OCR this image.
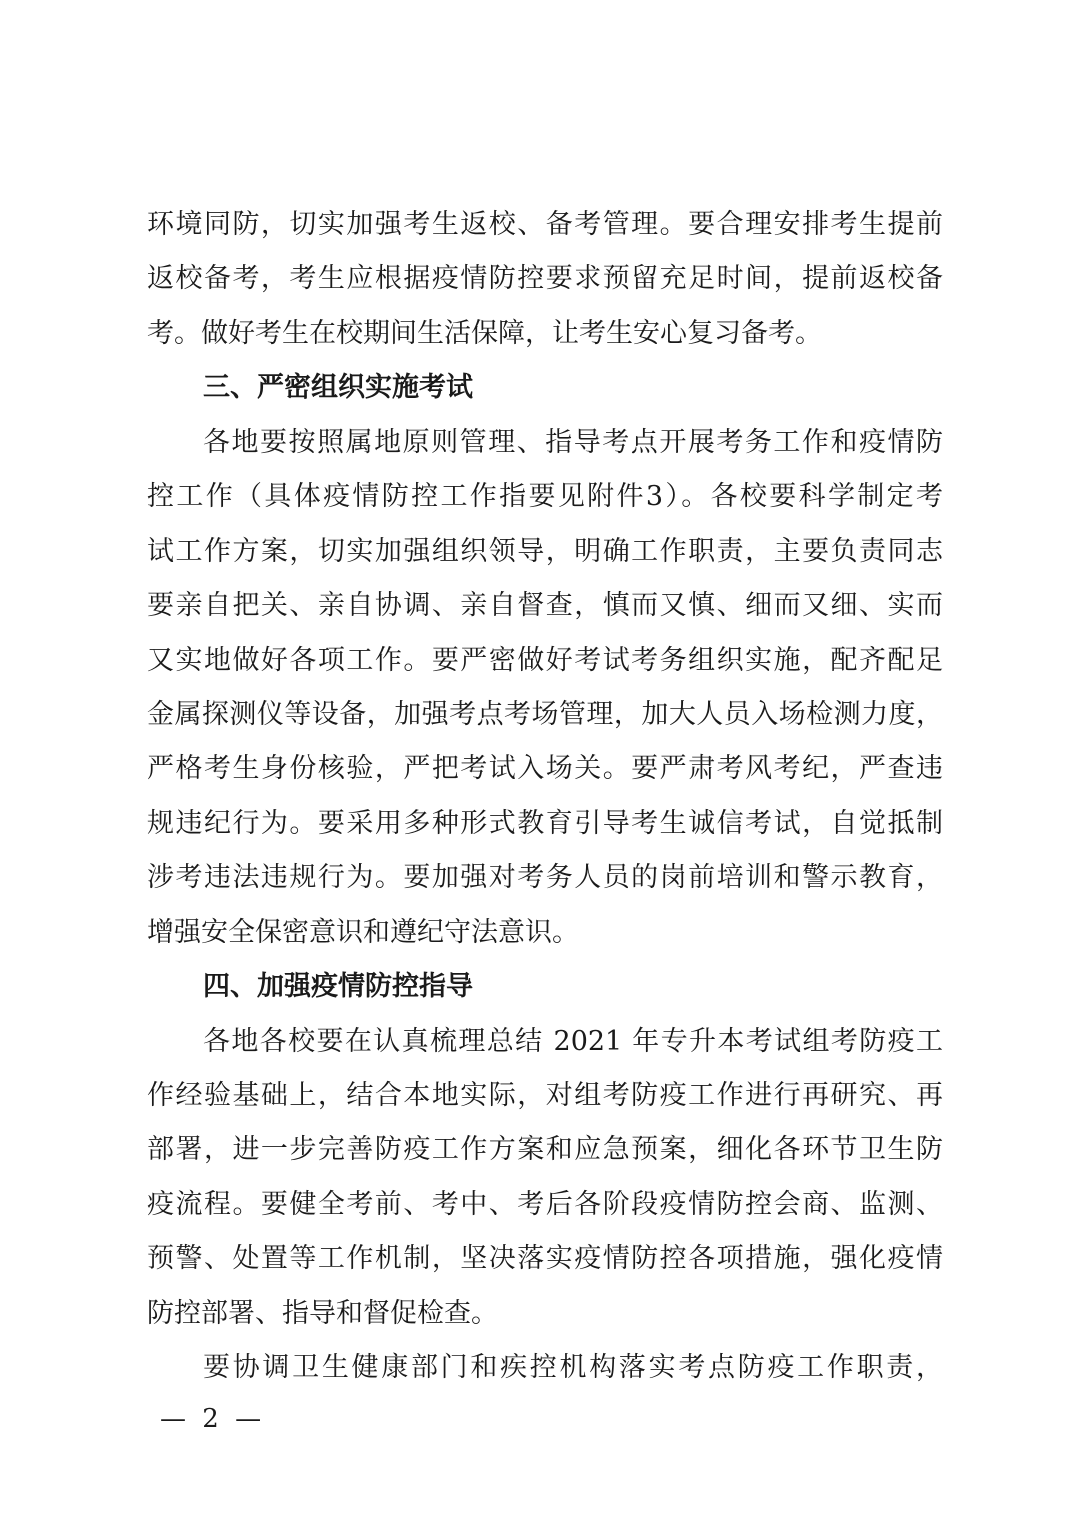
环境同防，切实加强考生返校、备考管理。要合理安排考生提前
返校备考，考生应根据疫情防控要求预留充足时间，提前返校备
考。做好考生在校期间生活保障，让考生安心复习备考。
三、严密组织实施考试
各地要按照属地原则管理、指导考点开展考务工作和疫情防
控工作（具体疫情防控工作指要见附件3）。各校要科学制定考
试工作方案，切实加强组织领导，明确工作职责，主要负责同志
要亲自把关、亲自协调、亲自督查，慎而又慎、细而又细、实而
又实地做好各项工作。要严密做好考试考务组织实施，配齐配足
金属探测仪等设备，加强考点考场管理，加大人员入场检测力度，
严格考生身份核验，严把考试入场关。要严肃考风考纪，严查违
规违纪行为。要采用多种形式教育引导考生诚信考试，自觉抵制
涉考违法违规行为。要加强对考务人员的岗前培训和警示教育，
增强安全保密意识和遵纪守法意识。
四、加强疫情防控指导
各地各校要在认真梳理总结 2021 年专升本考试组考防疫工
作经验基础上，结合本地实际，对组考防疫工作进行再研究、再
部署，进一步完善防疫工作方案和应急预案，细化各环节卫生防
疫流程。要健全考前、考中、考后各阶段疫情防控会商、监测、
预警、处置等工作机制，坚决落实疫情防控各项措施，强化疫情
防控部署、指导和督促检查。
要协调卫生健康部门和疾控机构落实考点防疫工作职责，
— 2 —
